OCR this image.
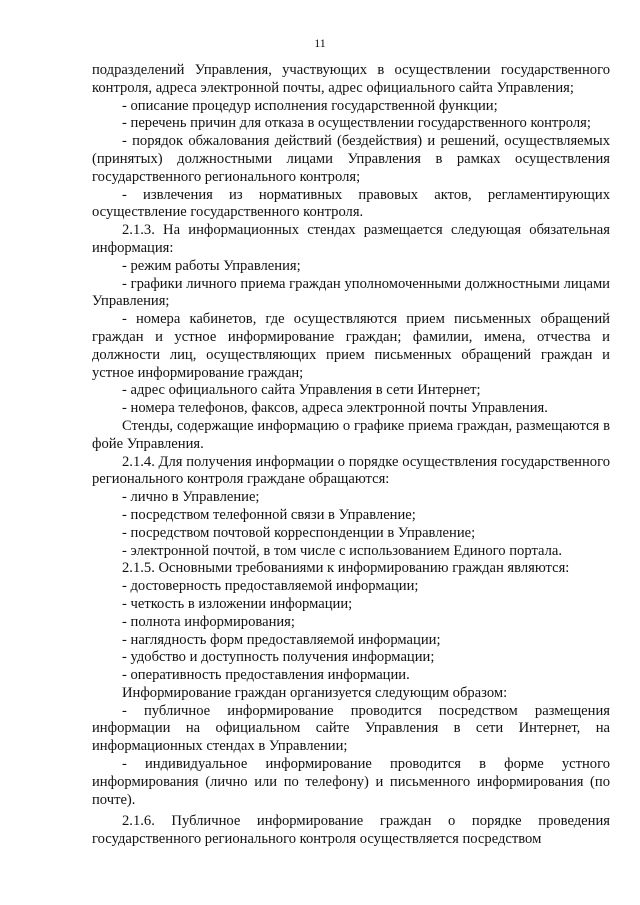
11

подразделений Управления, участвующих в осуществлении государственного контроля, адреса электронной почты, адрес официального сайта Управления;

- описание процедур исполнения государственной функции;

- перечень причин для отказа в осуществлении государственного контроля;

- порядок обжалования действий (бездействия) и решений, осуществляемых (принятых) должностными лицами Управления в рамках осуществления государственного регионального контроля;

- извлечения из нормативных правовых актов, регламентирующих осуществление государственного контроля.

2.1.3. На информационных стендах размещается следующая обязательная информация:

- режим работы Управления;

- графики личного приема граждан уполномоченными должностными лицами Управления;

- номера кабинетов, где осуществляются прием письменных обращений граждан и устное информирование граждан; фамилии, имена, отчества и должности лиц, осуществляющих прием письменных обращений граждан и устное информирование граждан;

- адрес официального сайта Управления в сети Интернет;

- номера телефонов, факсов, адреса электронной почты Управления.

Стенды, содержащие информацию о графике приема граждан, размещаются в фойе Управления.

2.1.4. Для получения информации о порядке осуществления государственного регионального контроля граждане обращаются:

- лично в Управление;

- посредством телефонной связи в Управление;

- посредством почтовой корреспонденции в Управление;

- электронной почтой, в том числе с использованием Единого портала.

2.1.5. Основными требованиями к информированию граждан являются:

- достоверность предоставляемой информации;

- четкость в изложении информации;

- полнота информирования;

- наглядность форм предоставляемой информации;

- удобство и доступность получения информации;

- оперативность предоставления информации.

Информирование граждан организуется следующим образом:

- публичное информирование проводится посредством размещения информации на официальном сайте Управления в сети Интернет, на информационных стендах в Управлении;

- индивидуальное информирование проводится в форме устного информирования (лично или по телефону) и письменного информирования (по почте).

2.1.6. Публичное информирование граждан о порядке проведения государственного регионального контроля осуществляется посредством
